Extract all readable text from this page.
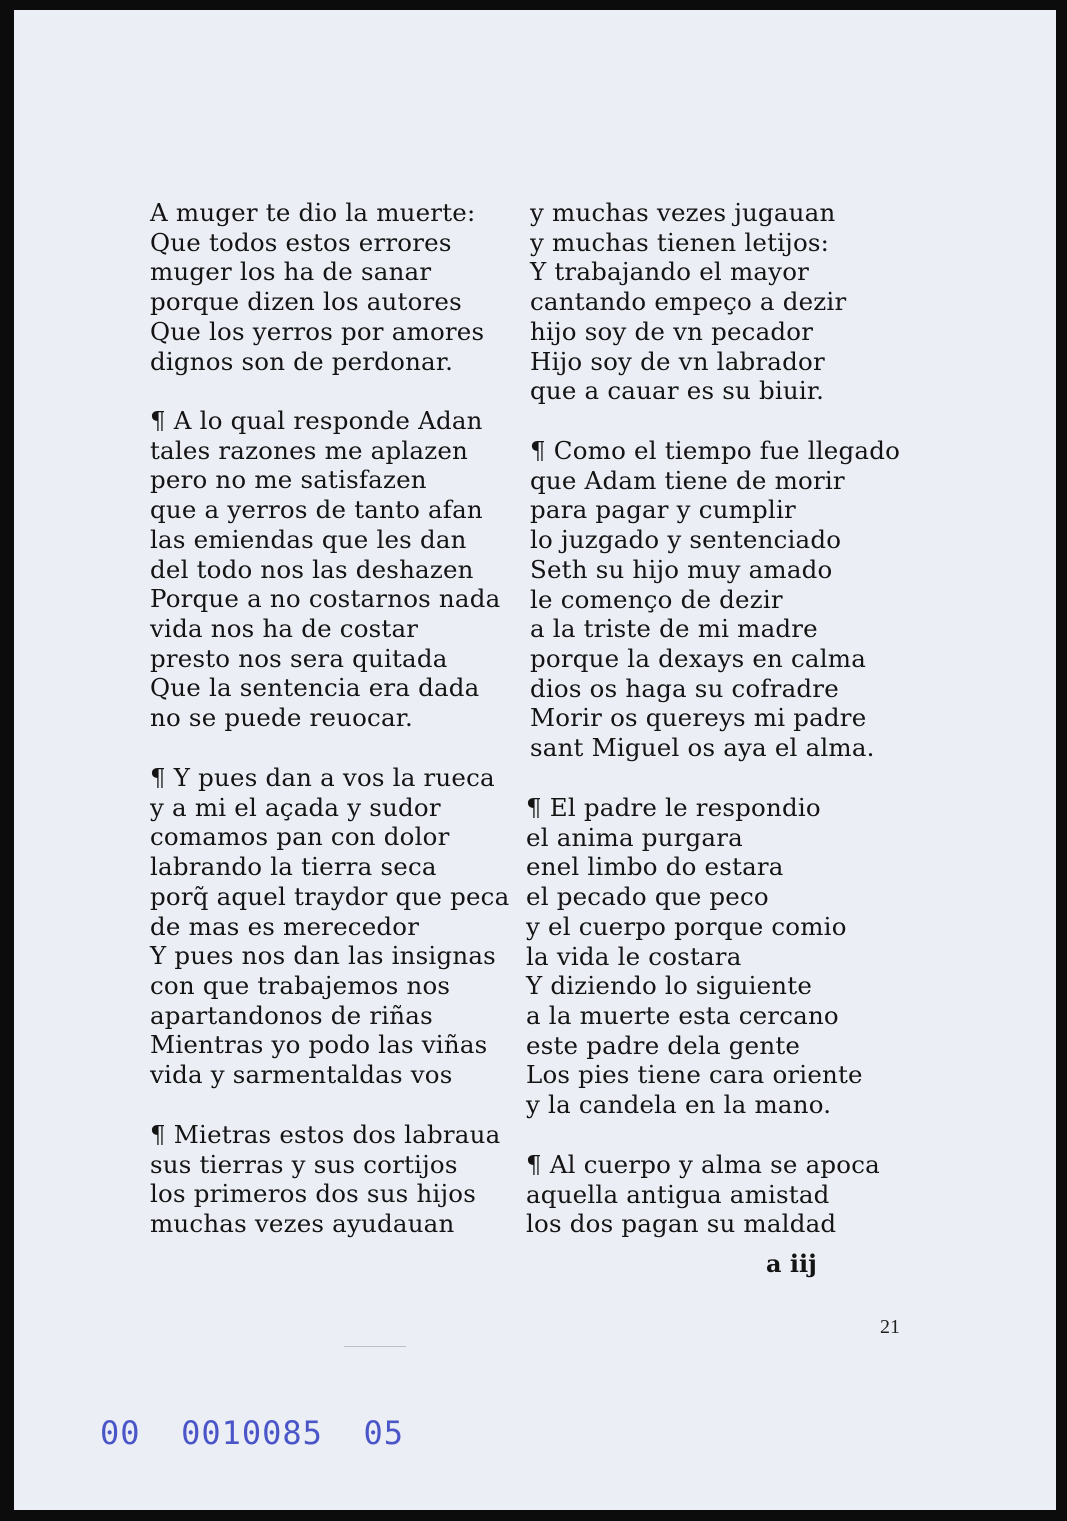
A muger te dio la muerte:
Que todos estos errores
muger los ha de sanar
porque dizen los autores
Que los yerros por amores
dignos son de perdonar.
¶ A lo qual responde Adan
tales razones me aplazen
pero no me satisfazen
que a yerros de tanto afan
las emiendas que les dan
del todo nos las deshazen
Porque a no costarnos nada
vida nos ha de costar
presto nos sera quitada
Que la sentencia era dada
no se puede reuocar.
¶ Y pues dan a vos la rueca
y a mi el açada y sudor
comamos pan con dolor
labrando la tierra seca
porq̃ aquel traydor que peca
de mas es merecedor
Y pues nos dan las insignas
con que trabajemos nos
apartandonos de riñas
Mientras yo podo las viñas
vida y sarmentaldas vos
¶ Mietras estos dos labraua
sus tierras y sus cortijos
los primeros dos sus hijos
muchas vezes ayudauan
y muchas vezes jugauan
y muchas tienen letijos:
Y trabajando el mayor
cantando empeço a dezir
hijo soy de vn pecador
Hijo soy de vn labrador
que a cauar es su biuir.
¶ Como el tiempo fue llegado
que Adam tiene de morir
para pagar y cumplir
lo juzgado y sentenciado
Seth su hijo muy amado
le començo de dezir
a la triste de mi madre
porque la dexays en calma
dios os haga su cofradre
Morir os quereys mi padre
sant Miguel os aya el alma.
¶ El padre le respondio
el anima purgara
enel limbo do estara
el pecado que peco
y el cuerpo porque comio
la vida le costara
Y diziendo lo siguiente
a la muerte esta cercano
este padre dela gente
Los pies tiene cara oriente
y la candela en la mano.
¶ Al cuerpo y alma se apoca
aquella antigua amistad
los dos pagan su maldad
a iij
21
00  0010085  05
